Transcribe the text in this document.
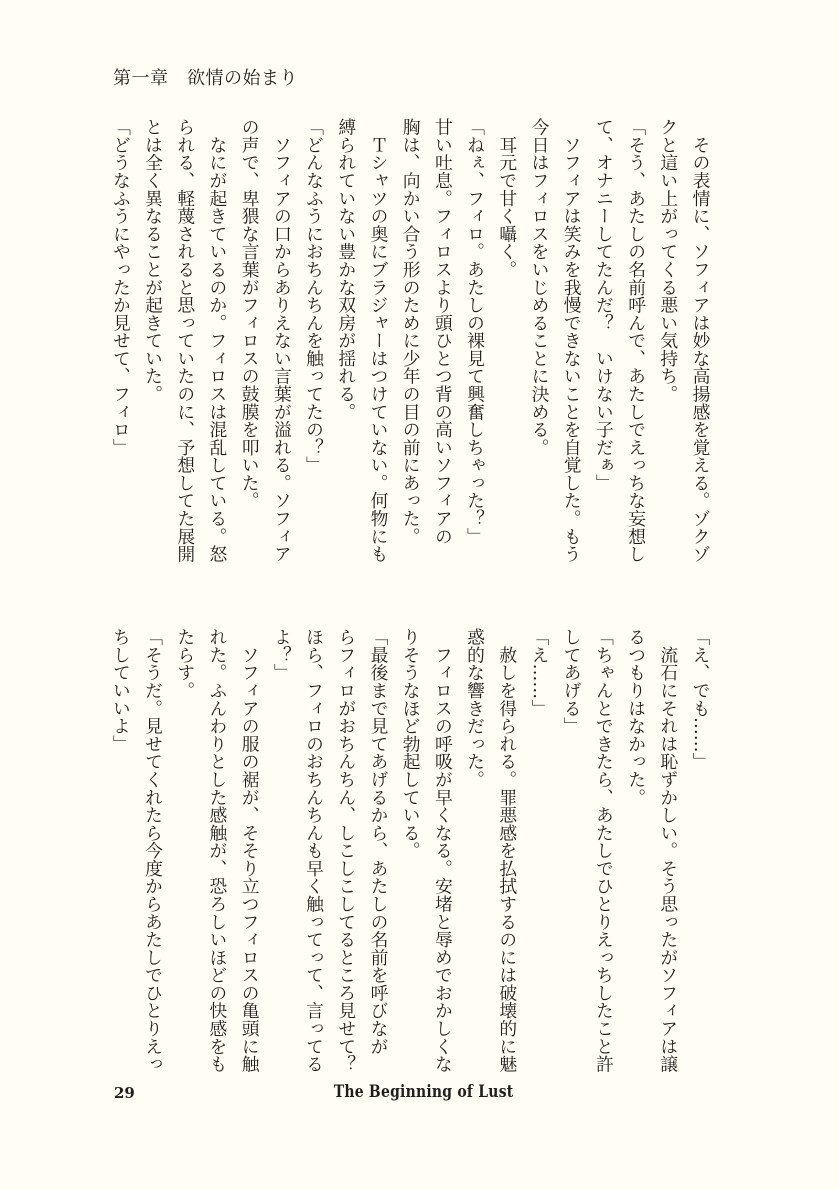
第一章　欲情の始まり
　その表情に、ソフィアは妙な高揚感を覚える。ゾクゾ
クと這い上がってくる悪い気持ち。
「そう、あたしの名前呼んで、あたしでえっちな妄想し
て、オナニーしてたんだ？　いけない子だぁ」
　ソフィアは笑みを我慢できないことを自覚した。もう
今日はフィロスをいじめることに決める。
　耳元で甘く囁く。
「ねぇ、フィロ。あたしの裸見て興奮しちゃった？」
甘い吐息。フィロスより頭ひとつ背の高いソフィアの
胸は、向かい合う形のために少年の目の前にあった。
　Ｔシャツの奥にブラジャーはつけていない。何物にも
縛られていない豊かな双房が揺れる。
「どんなふうにおちんちんを触ってたの？」
　ソフィアの口からありえない言葉が溢れる。ソフィア
の声で、卑猥な言葉がフィロスの鼓膜を叩いた。
　なにが起きているのか。フィロスは混乱している。怒
られる、軽蔑されると思っていたのに、予想してた展開
とは全く異なることが起きていた。
「どうなふうにやったか見せて、フィロ」
「え、でも……」
　流石にそれは恥ずかしい。そう思ったがソフィアは譲
るつもりはなかった。
「ちゃんとできたら、あたしでひとりえっちしたこと許
してあげる」
「え……」
　赦しを得られる。罪悪感を払拭するのには破壊的に魅
惑的な響きだった。
　フィロスの呼吸が早くなる。安堵と辱めでおかしくな
りそうなほど勃起している。
「最後まで見てあげるから、あたしの名前を呼びなが
らフィロがおちんちん、しこしこしてるところ見せて？
ほら、フィロのおちんちんも早く触ってって、言ってる
よ？」
　ソフィアの服の裾が、そそり立つフィロスの亀頭に触
れた。ふんわりとした感触が、恐ろしいほどの快感をも
たらす。
「そうだ。見せてくれたら今度からあたしでひとりえっ
ちしていいよ」
29	The Beginning of Lust
